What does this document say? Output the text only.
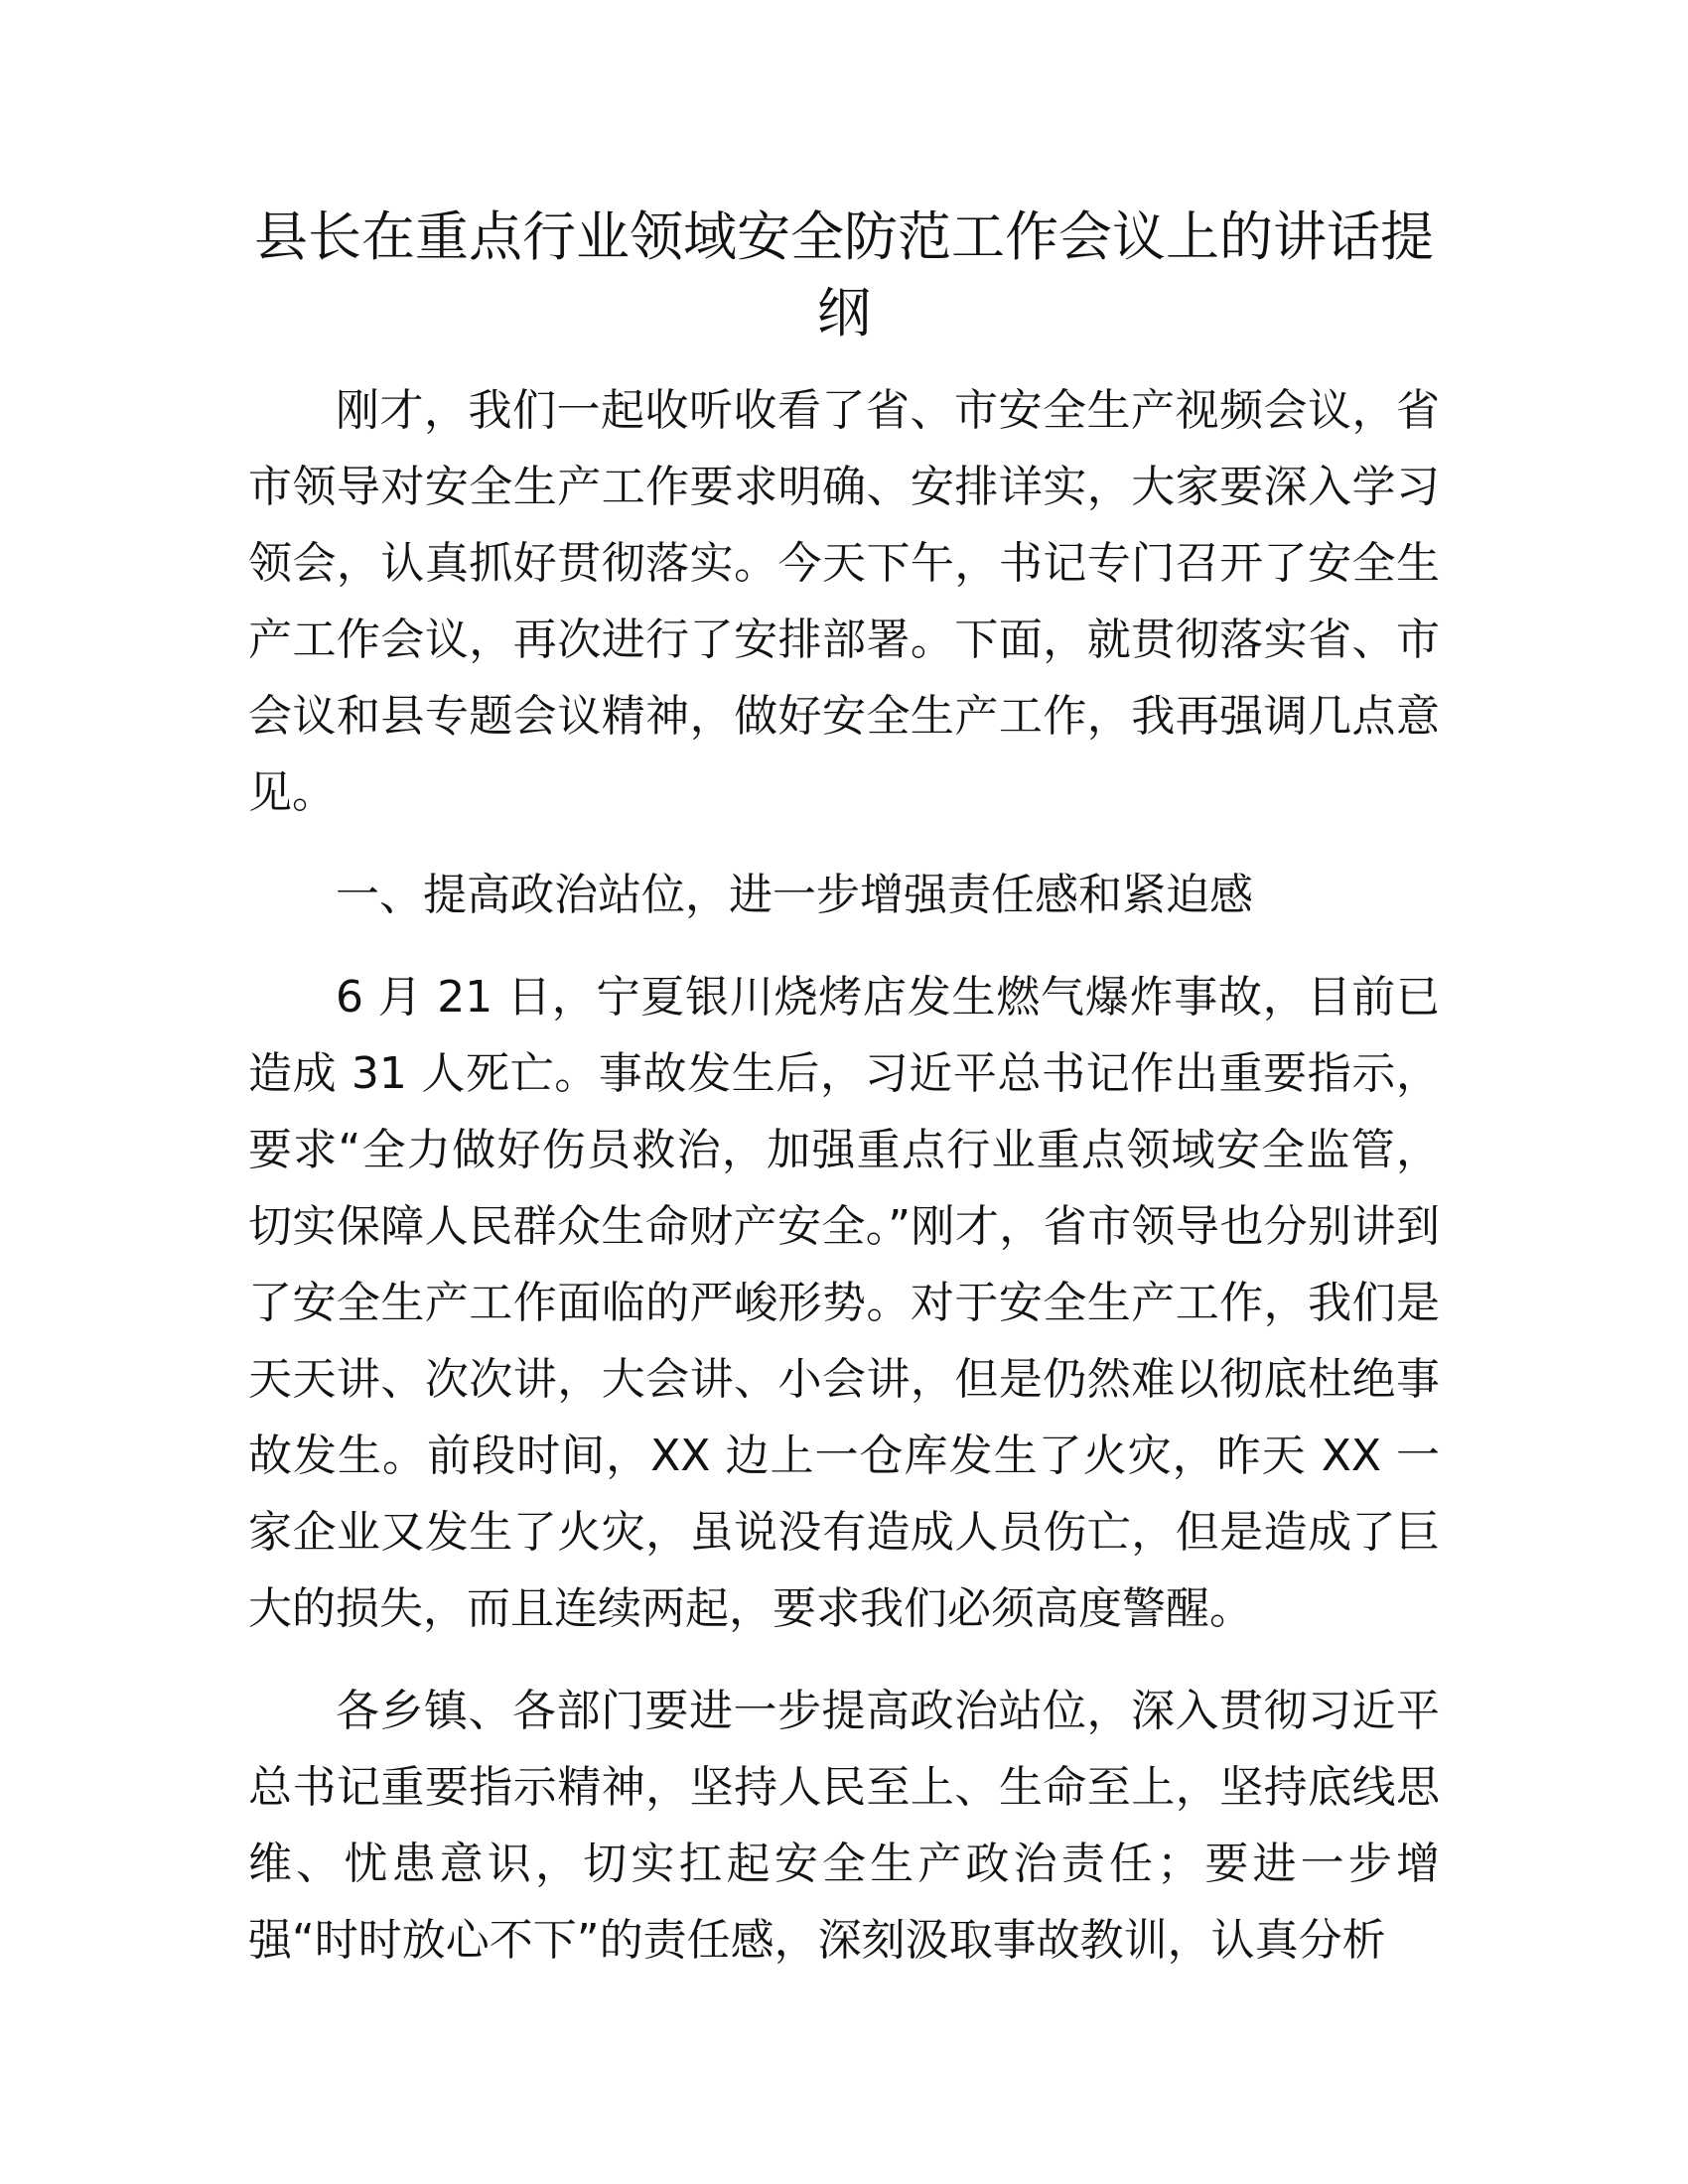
县长在重点行业领域安全防范工作会议上的讲话提纲

刚才，我们一起收听收看了省、市安全生产视频会议，省市领导对安全生产工作要求明确、安排详实，大家要深入学习领会，认真抓好贯彻落实。今天下午，书记专门召开了安全生产工作会议，再次进行了安排部署。下面，就贯彻落实省、市会议和县专题会议精神，做好安全生产工作，我再强调几点意见。

一、提高政治站位，进一步增强责任感和紧迫感

6 月 21 日，宁夏银川烧烤店发生燃气爆炸事故，目前已造成 31 人死亡。事故发生后，习近平总书记作出重要指示，要求“全力做好伤员救治，加强重点行业重点领域安全监管，切实保障人民群众生命财产安全。”刚才，省市领导也分别讲到了安全生产工作面临的严峻形势。对于安全生产工作，我们是天天讲、次次讲，大会讲、小会讲，但是仍然难以彻底杜绝事故发生。前段时间，XX 边上一仓库发生了火灾，昨天 XX 一家企业又发生了火灾，虽说没有造成人员伤亡，但是造成了巨大的损失，而且连续两起，要求我们必须高度警醒。

各乡镇、各部门要进一步提高政治站位，深入贯彻习近平总书记重要指示精神，坚持人民至上、生命至上，坚持底线思维、忧患意识，切实扛起安全生产政治责任；要进一步增强“时时放心不下”的责任感，深刻汲取事故教训，认真分析
